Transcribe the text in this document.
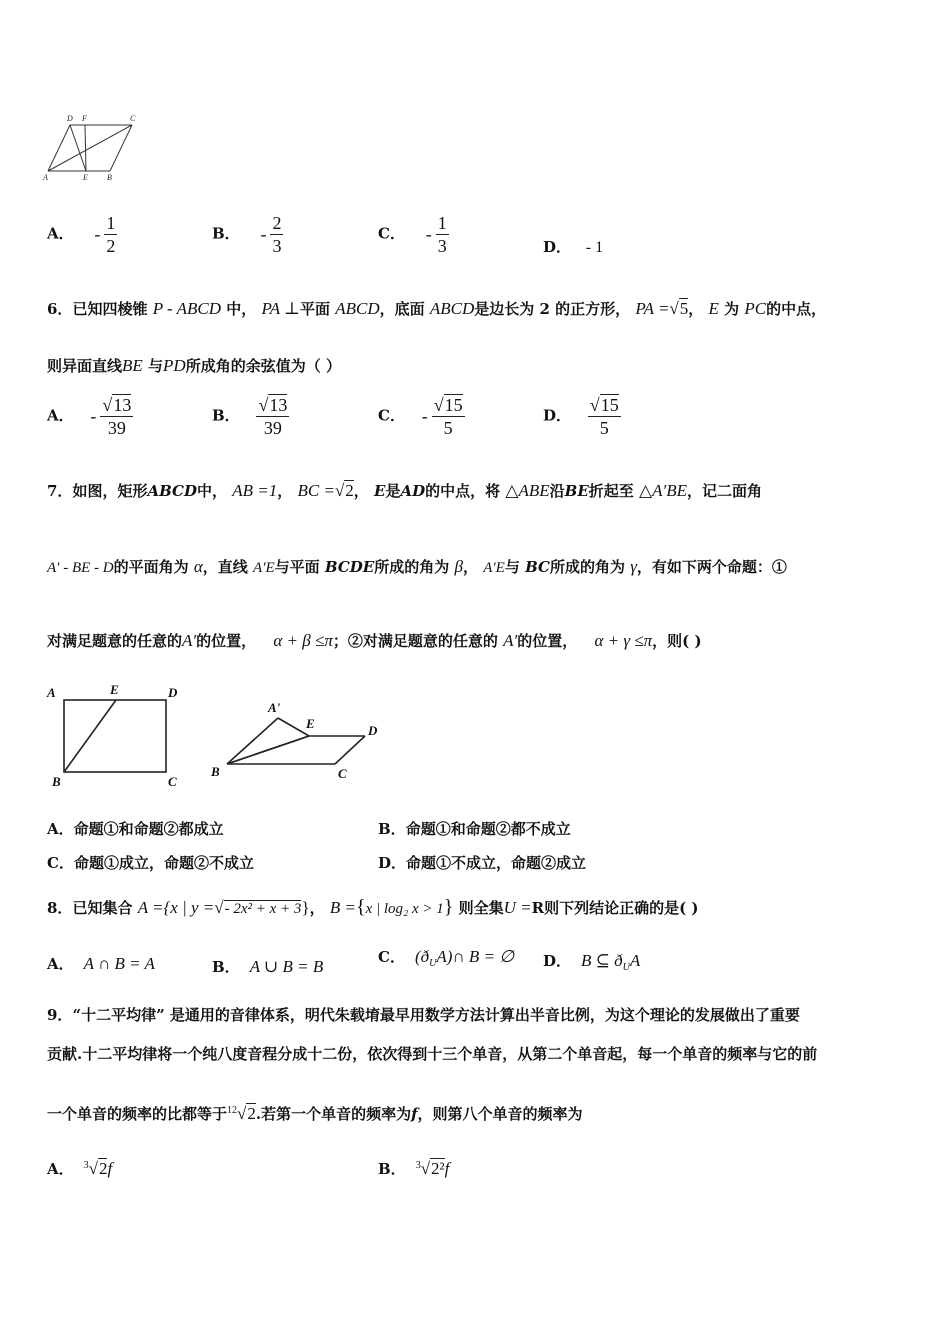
D F	C
A	E B
A． - $\frac{1}{2}$	B． - $\frac{2}{3}$	C． - $\frac{1}{3}$	D． - 1
6．已知四棱锥 P - ABCD 中， PA ⊥平面 ABCD，底面 ABCD是边长为 2 的正方形， PA =√5， E 为 PC的中点，
则异面直线BE 与PD所成角的余弦值为（ ）
A． - $\frac{√13}{39}$	B． $\frac{√13}{39}$	C． - $\frac{√15}{5}$	D． $\frac{√15}{5}$
7．如图，矩形ABCD中， AB =1， BC =√2， E是AD的中点，将 △ABE沿BE折起至 △A′BE，记二面角
A′ - BE - D的平面角为 α，直线 A′E与平面 BCDE所成的角为 β， A′E与 BC所成的角为 γ，有如下两个命题：①
对满足题意的任意的A′的位置， α + β ≤π；②对满足题意的任意的 A′的位置， α + γ ≤π，则( )
A	E	D
B	C
A'
E	D
B	C
A．命题①和命题②都成立	B．命题①和命题②都不成立
C．命题①成立，命题②不成立	D．命题①不成立，命题②成立
8．已知集合 A ={x | y =√- 2x² + x + 3}， B ={x | log₂ x > 1} 则全集U =R则下列结论正确的是( )
A． A ∩ B = A	B． A ∪ B = B	C． $(ð_UA)\cap$ B = ∅ D． B ⊆ $ð_UA$
9．“十二平均律” 是通用的音律体系，明代朱载堉最早用数学方法计算出半音比例，为这个理论的发展做出了重要
贡献.十二平均律将一个纯八度音程分成十二份，依次得到十三个单音，从第二个单音起，每一个单音的频率与它的前
一个单音的频率的比都等于$^{12}$√2.若第一个单音的频率为f，则第八个单音的频率为
A． $^3$√2f	B． $^3$√2²f
